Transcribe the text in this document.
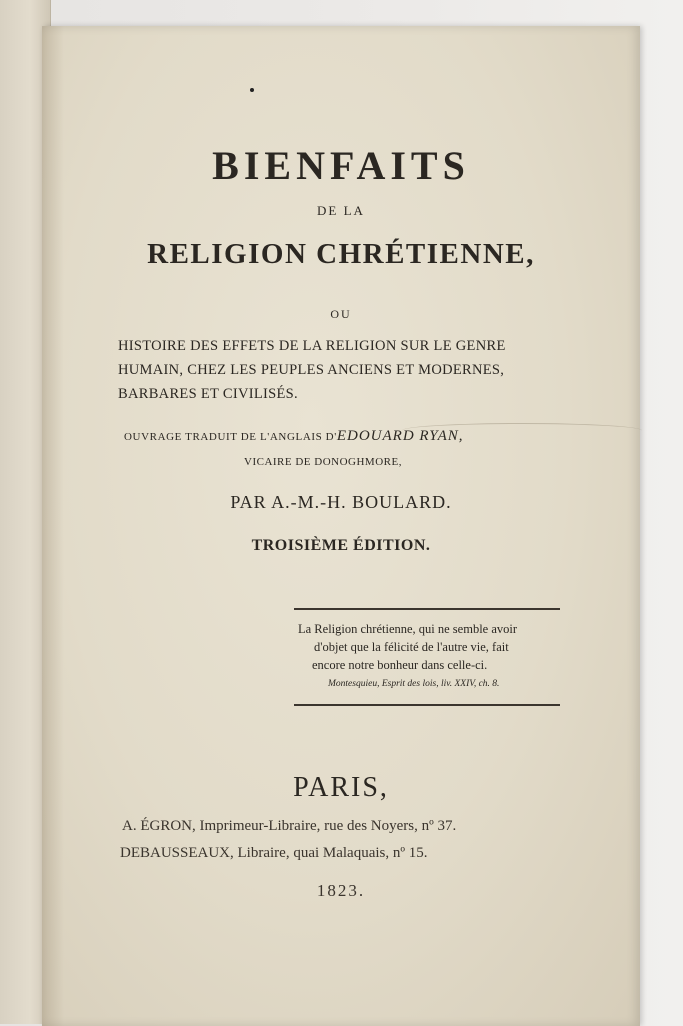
BIENFAITS
DE LA
RELIGION CHRÉTIENNE,
OU
HISTOIRE DES EFFETS DE LA RELIGION SUR LE GENRE
HUMAIN, CHEZ LES PEUPLES ANCIENS ET MODERNES,
BARBARES ET CIVILISÉS.
OUVRAGE TRADUIT DE L'ANGLAIS D'EDOUARD RYAN,
VICAIRE DE DONOGHMORE,
PAR A.-M.-H. BOULARD.
TROISIÈME ÉDITION.
La Religion chrétienne, qui ne semble avoir
d'objet que la félicité de l'autre vie, fait
encore notre bonheur dans celle-ci.
Montesquieu, Esprit des lois, liv. XXIV, ch. 8.
PARIS,
A. ÉGRON, Imprimeur-Libraire, rue des Noyers, nº 37.
DEBAUSSEAUX, Libraire, quai Malaquais, nº 15.
1823.
